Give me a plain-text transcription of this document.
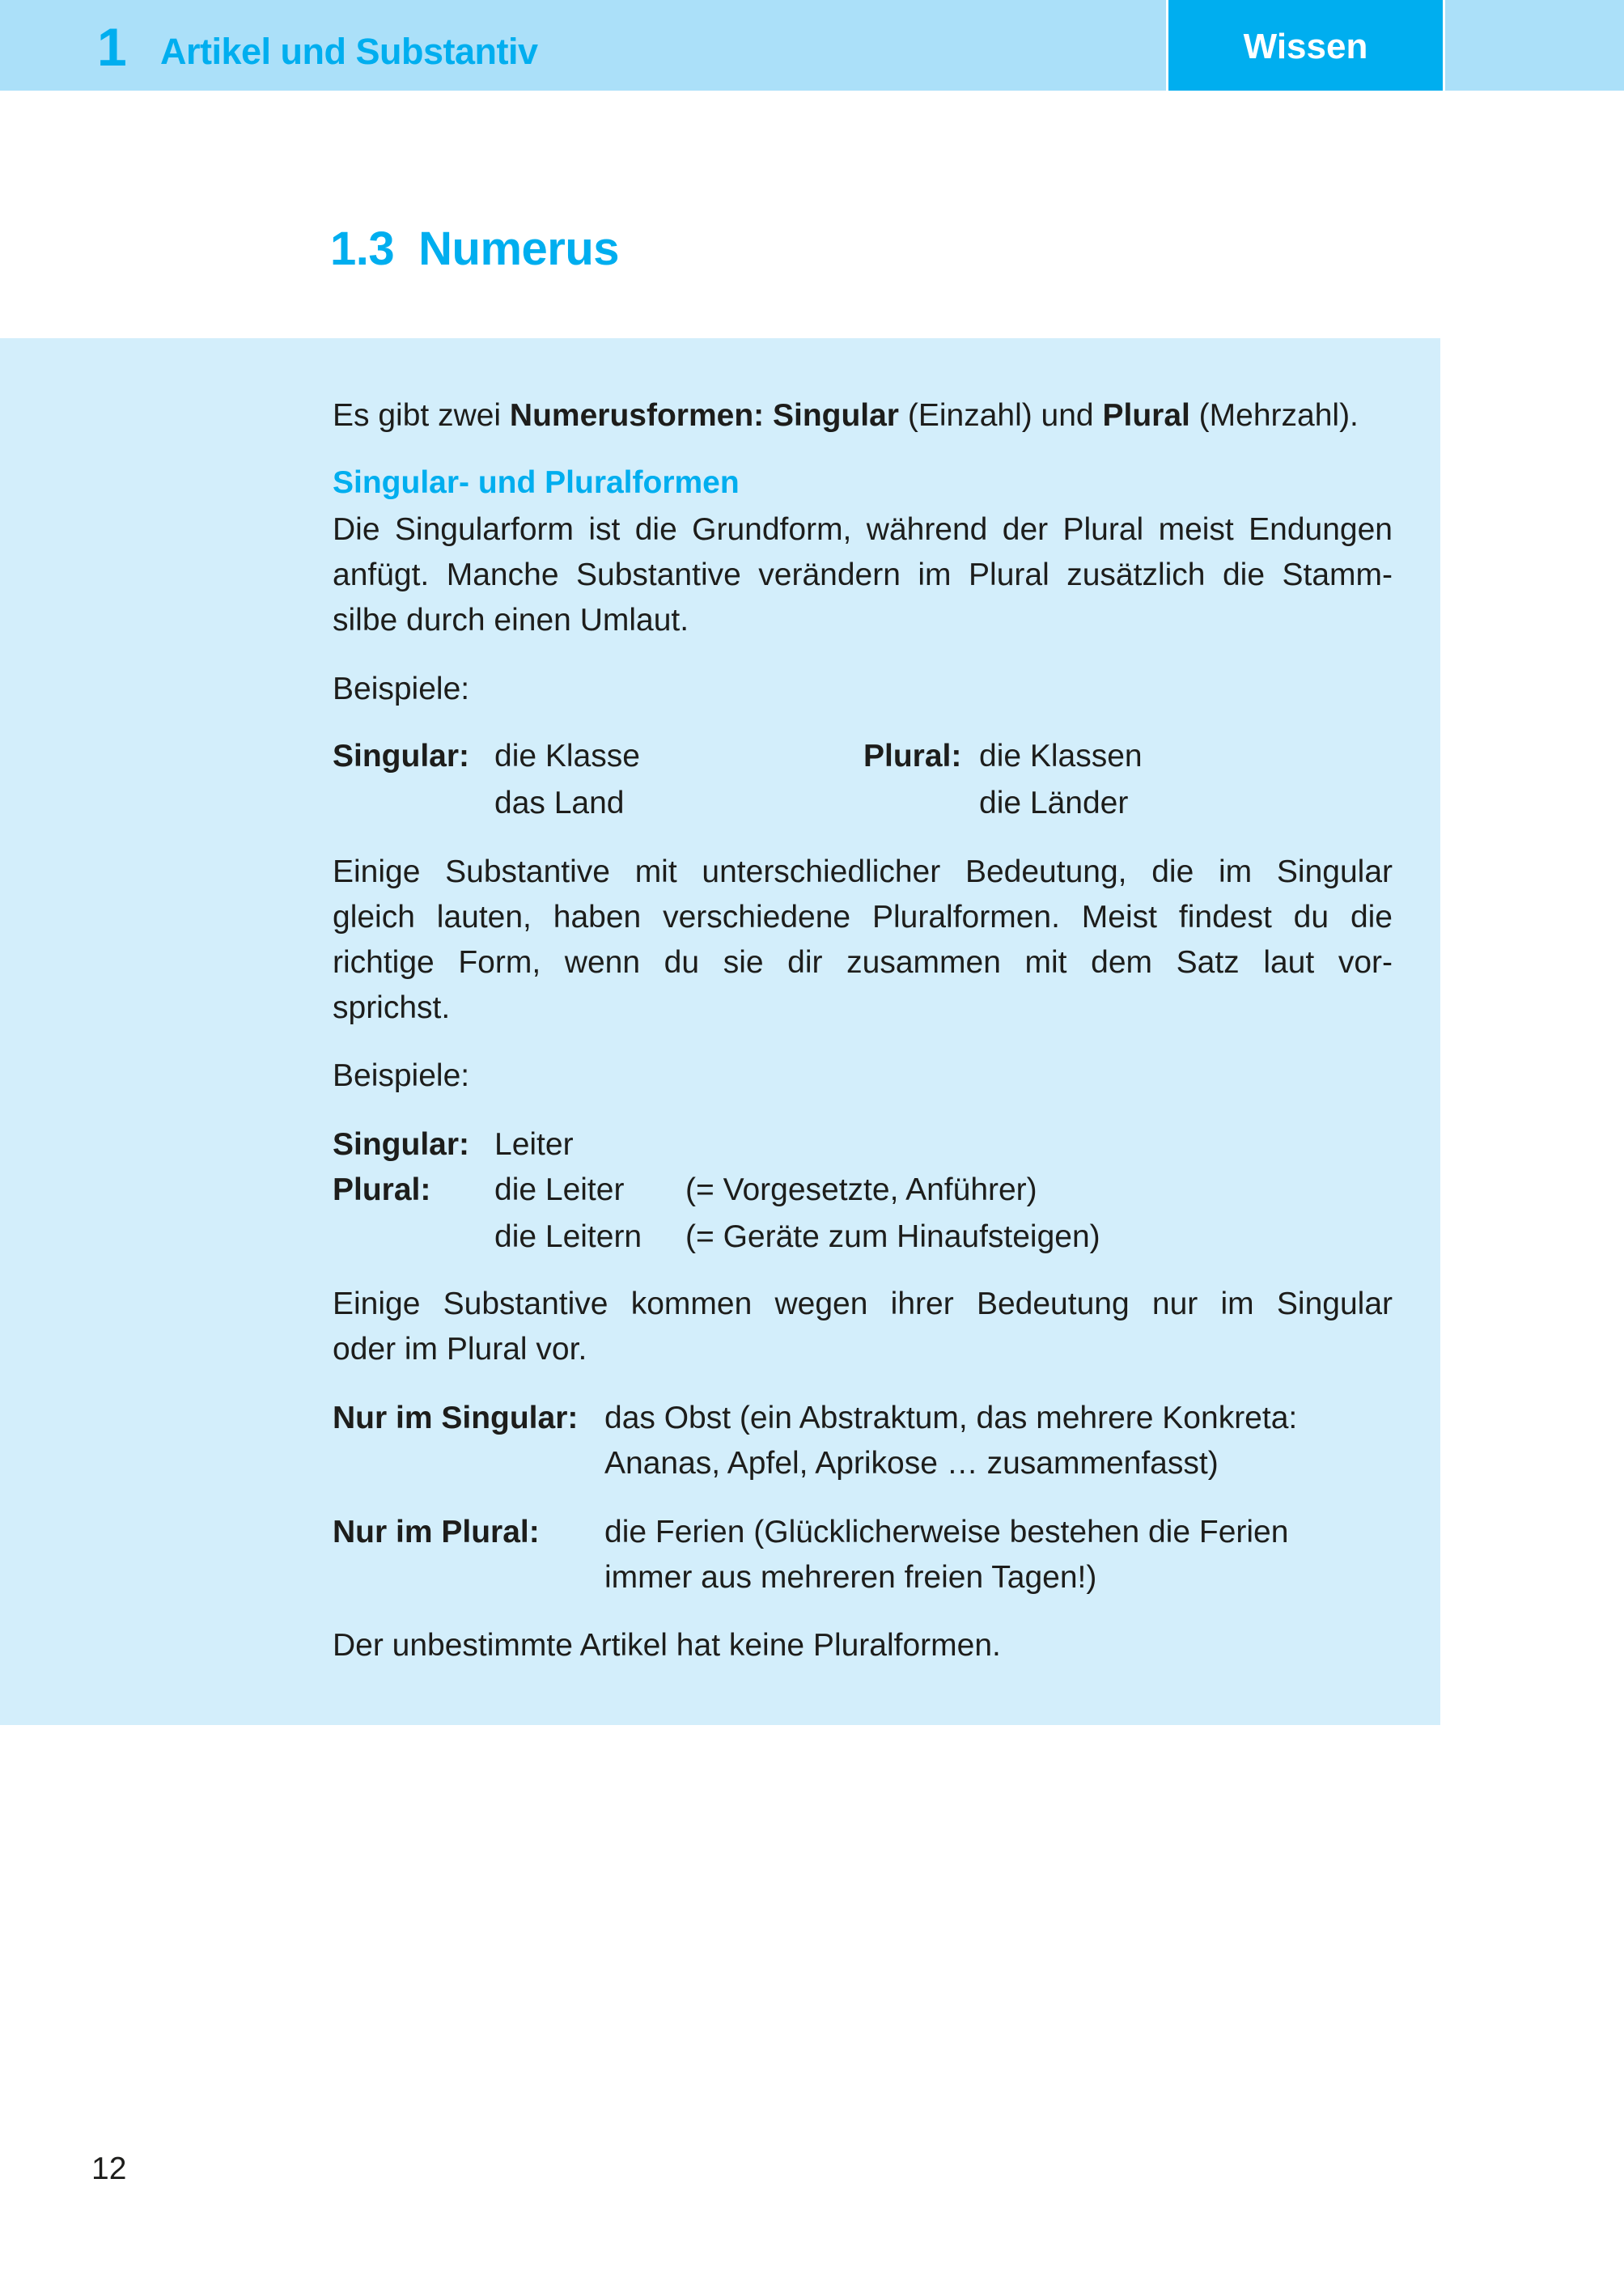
1 Artikel und Substantiv	Wissen
1.3 Numerus
Es gibt zwei Numerusformen: Singular (Einzahl) und Plural (Mehrzahl).
Singular- und Pluralformen
Die Singularform ist die Grundform, während der Plural meist Endungen
anfügt. Manche Substantive verändern im Plural zusätzlich die Stamm-
silbe durch einen Umlaut.
Beispiele:
Singular: die Klasse
das Land
Plural: die Klassen
die Länder
Einige Substantive mit unterschiedlicher Bedeutung, die im Singular
gleich lauten, haben verschiedene Pluralformen. Meist findest du die
richtige Form, wenn du sie dir zusammen mit dem Satz laut vor-
sprichst.
Beispiele:
Singular: Leiter
Plural: die Leiter (= Vorgesetzte, Anführer)
die Leitern (= Geräte zum Hinaufsteigen)
Einige Substantive kommen wegen ihrer Bedeutung nur im Singular
oder im Plural vor.
Nur im Singular: das Obst (ein Abstraktum, das mehrere Konkreta:
Ananas, Apfel, Aprikose … zusammenfasst)
Nur im Plural: die Ferien (Glücklicherweise bestehen die Ferien
immer aus mehreren freien Tagen!)
Der unbestimmte Artikel hat keine Pluralformen.
12
